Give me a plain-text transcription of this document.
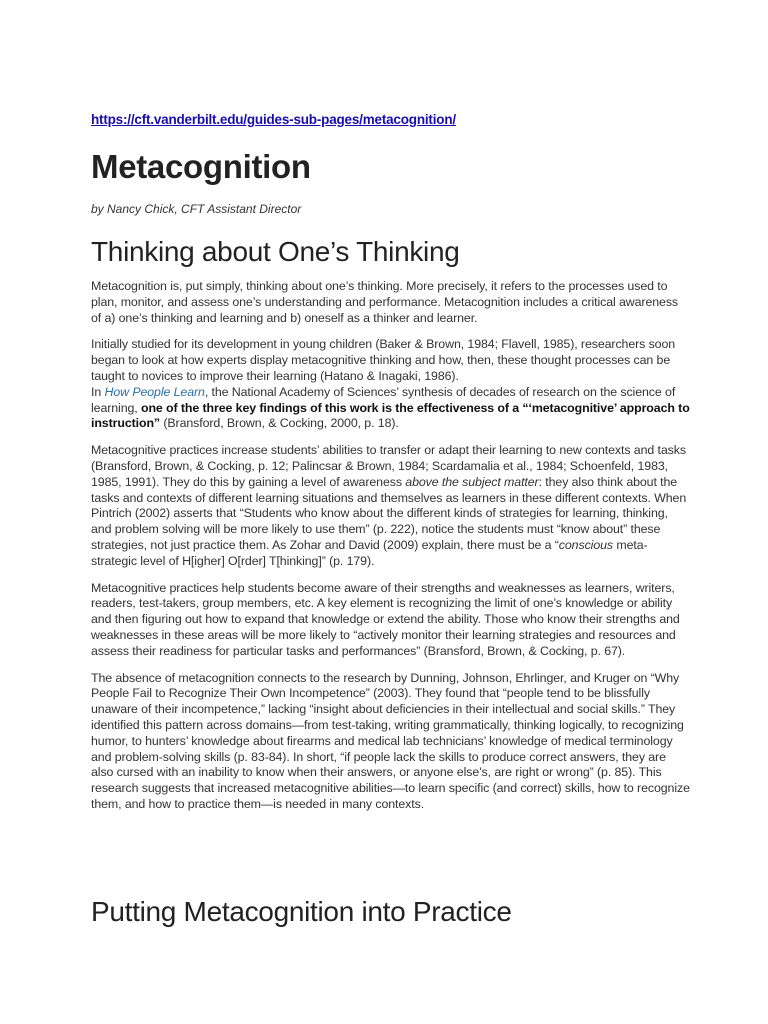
https://cft.vanderbilt.edu/guides-sub-pages/metacognition/
Metacognition
by Nancy Chick, CFT Assistant Director
Thinking about One’s Thinking

Metacognition is, put simply, thinking about one’s thinking. More precisely, it refers to the processes used to plan, monitor, and assess one’s understanding and performance. Metacognition includes a critical awareness of a) one’s thinking and learning and b) oneself as a thinker and learner.

Initially studied for its development in young children (Baker & Brown, 1984; Flavell, 1985), researchers soon began to look at how experts display metacognitive thinking and how, then, these thought processes can be taught to novices to improve their learning (Hatano & Inagaki, 1986).
In How People Learn, the National Academy of Sciences’ synthesis of decades of research on the science of learning, one of the three key findings of this work is the effectiveness of a “‘metacognitive’ approach to instruction” (Bransford, Brown, & Cocking, 2000, p. 18).

Metacognitive practices increase students’ abilities to transfer or adapt their learning to new contexts and tasks (Bransford, Brown, & Cocking, p. 12; Palincsar & Brown, 1984; Scardamalia et al., 1984; Schoenfeld, 1983, 1985, 1991). They do this by gaining a level of awareness above the subject matter: they also think about the tasks and contexts of different learning situations and themselves as learners in these different contexts. When Pintrich (2002) asserts that “Students who know about the different kinds of strategies for learning, thinking, and problem solving will be more likely to use them” (p. 222), notice the students must “know about” these strategies, not just practice them. As Zohar and David (2009) explain, there must be a “conscious meta-strategic level of H[igher] O[rder] T[hinking]” (p. 179).

Metacognitive practices help students become aware of their strengths and weaknesses as learners, writers, readers, test-takers, group members, etc. A key element is recognizing the limit of one’s knowledge or ability and then figuring out how to expand that knowledge or extend the ability. Those who know their strengths and weaknesses in these areas will be more likely to “actively monitor their learning strategies and resources and assess their readiness for particular tasks and performances” (Bransford, Brown, & Cocking, p. 67).

The absence of metacognition connects to the research by Dunning, Johnson, Ehrlinger, and Kruger on “Why People Fail to Recognize Their Own Incompetence” (2003). They found that “people tend to be blissfully unaware of their incompetence,” lacking “insight about deficiencies in their intellectual and social skills.” They identified this pattern across domains—from test-taking, writing grammatically, thinking logically, to recognizing humor, to hunters’ knowledge about firearms and medical lab technicians’ knowledge of medical terminology and problem-solving skills (p. 83-84). In short, “if people lack the skills to produce correct answers, they are also cursed with an inability to know when their answers, or anyone else’s, are right or wrong” (p. 85). This research suggests that increased metacognitive abilities—to learn specific (and correct) skills, how to recognize them, and how to practice them—is needed in many contexts.

Putting Metacognition into Practice
